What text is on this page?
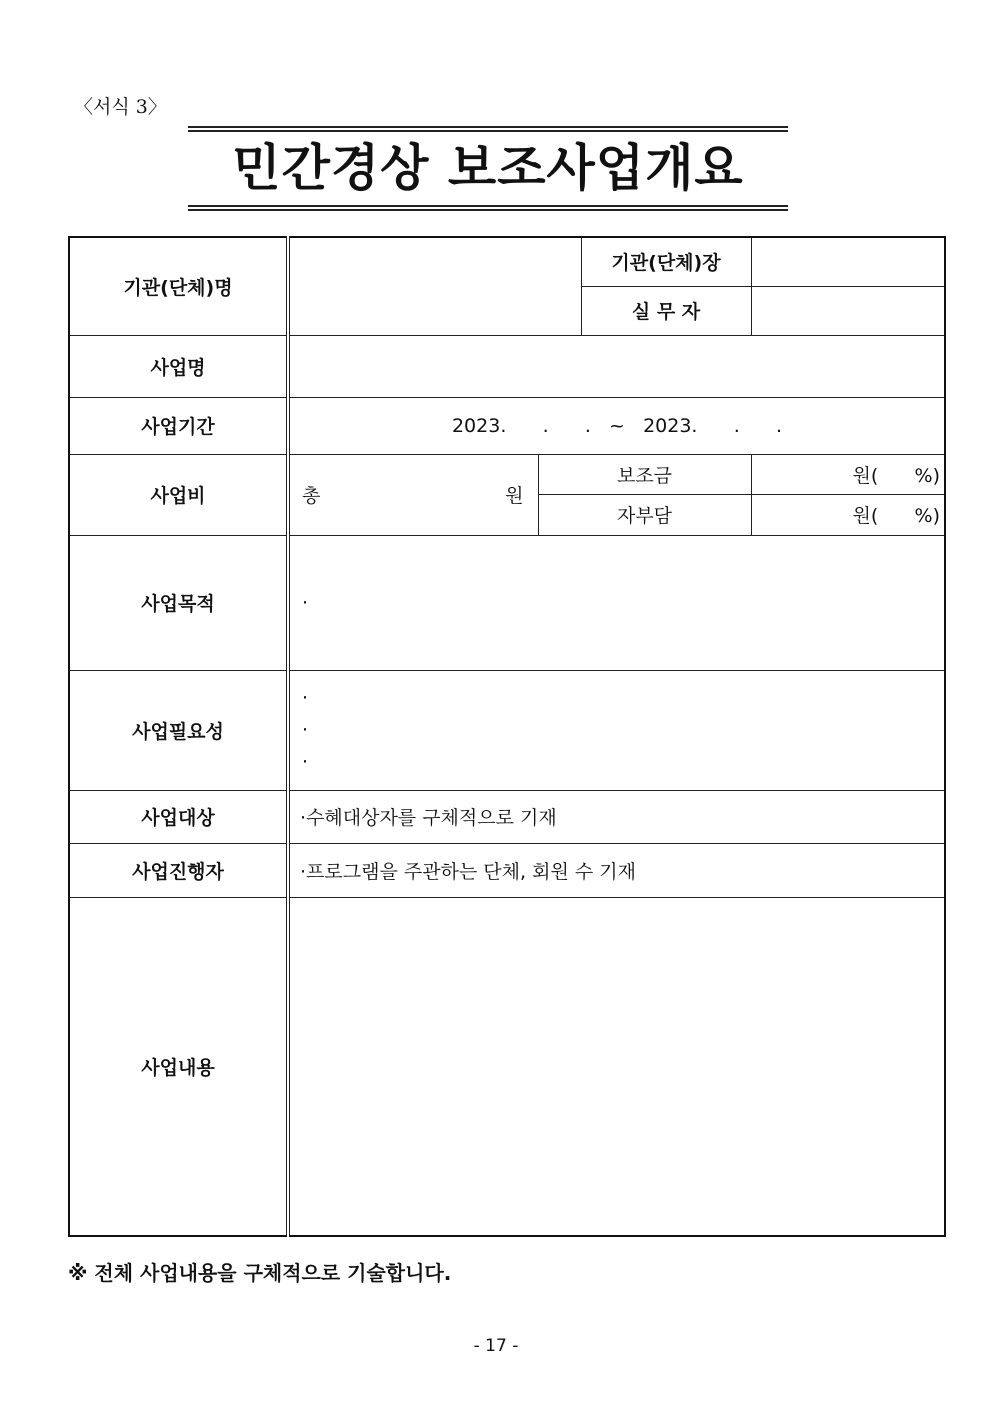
〈서식 3〉
민간경상 보조사업개요
기관(단체)명			기관(단체)장	
			실 무 자	
사업명				
사업기간	2023.      .      .   ~   2023.      .      .			
사업비	총 원	보조금		원(      %)
		자부담		원(      %)
사업목적	·			

사업필요성	·
·
·			

사업대상	·수혜대상자를 구체적으로 기재			
사업진행자	·프로그램을 주관하는 단체, 회원 수 기재			
사업내용				
※ 전체 사업내용을 구체적으로 기술합니다.
- 17 -
